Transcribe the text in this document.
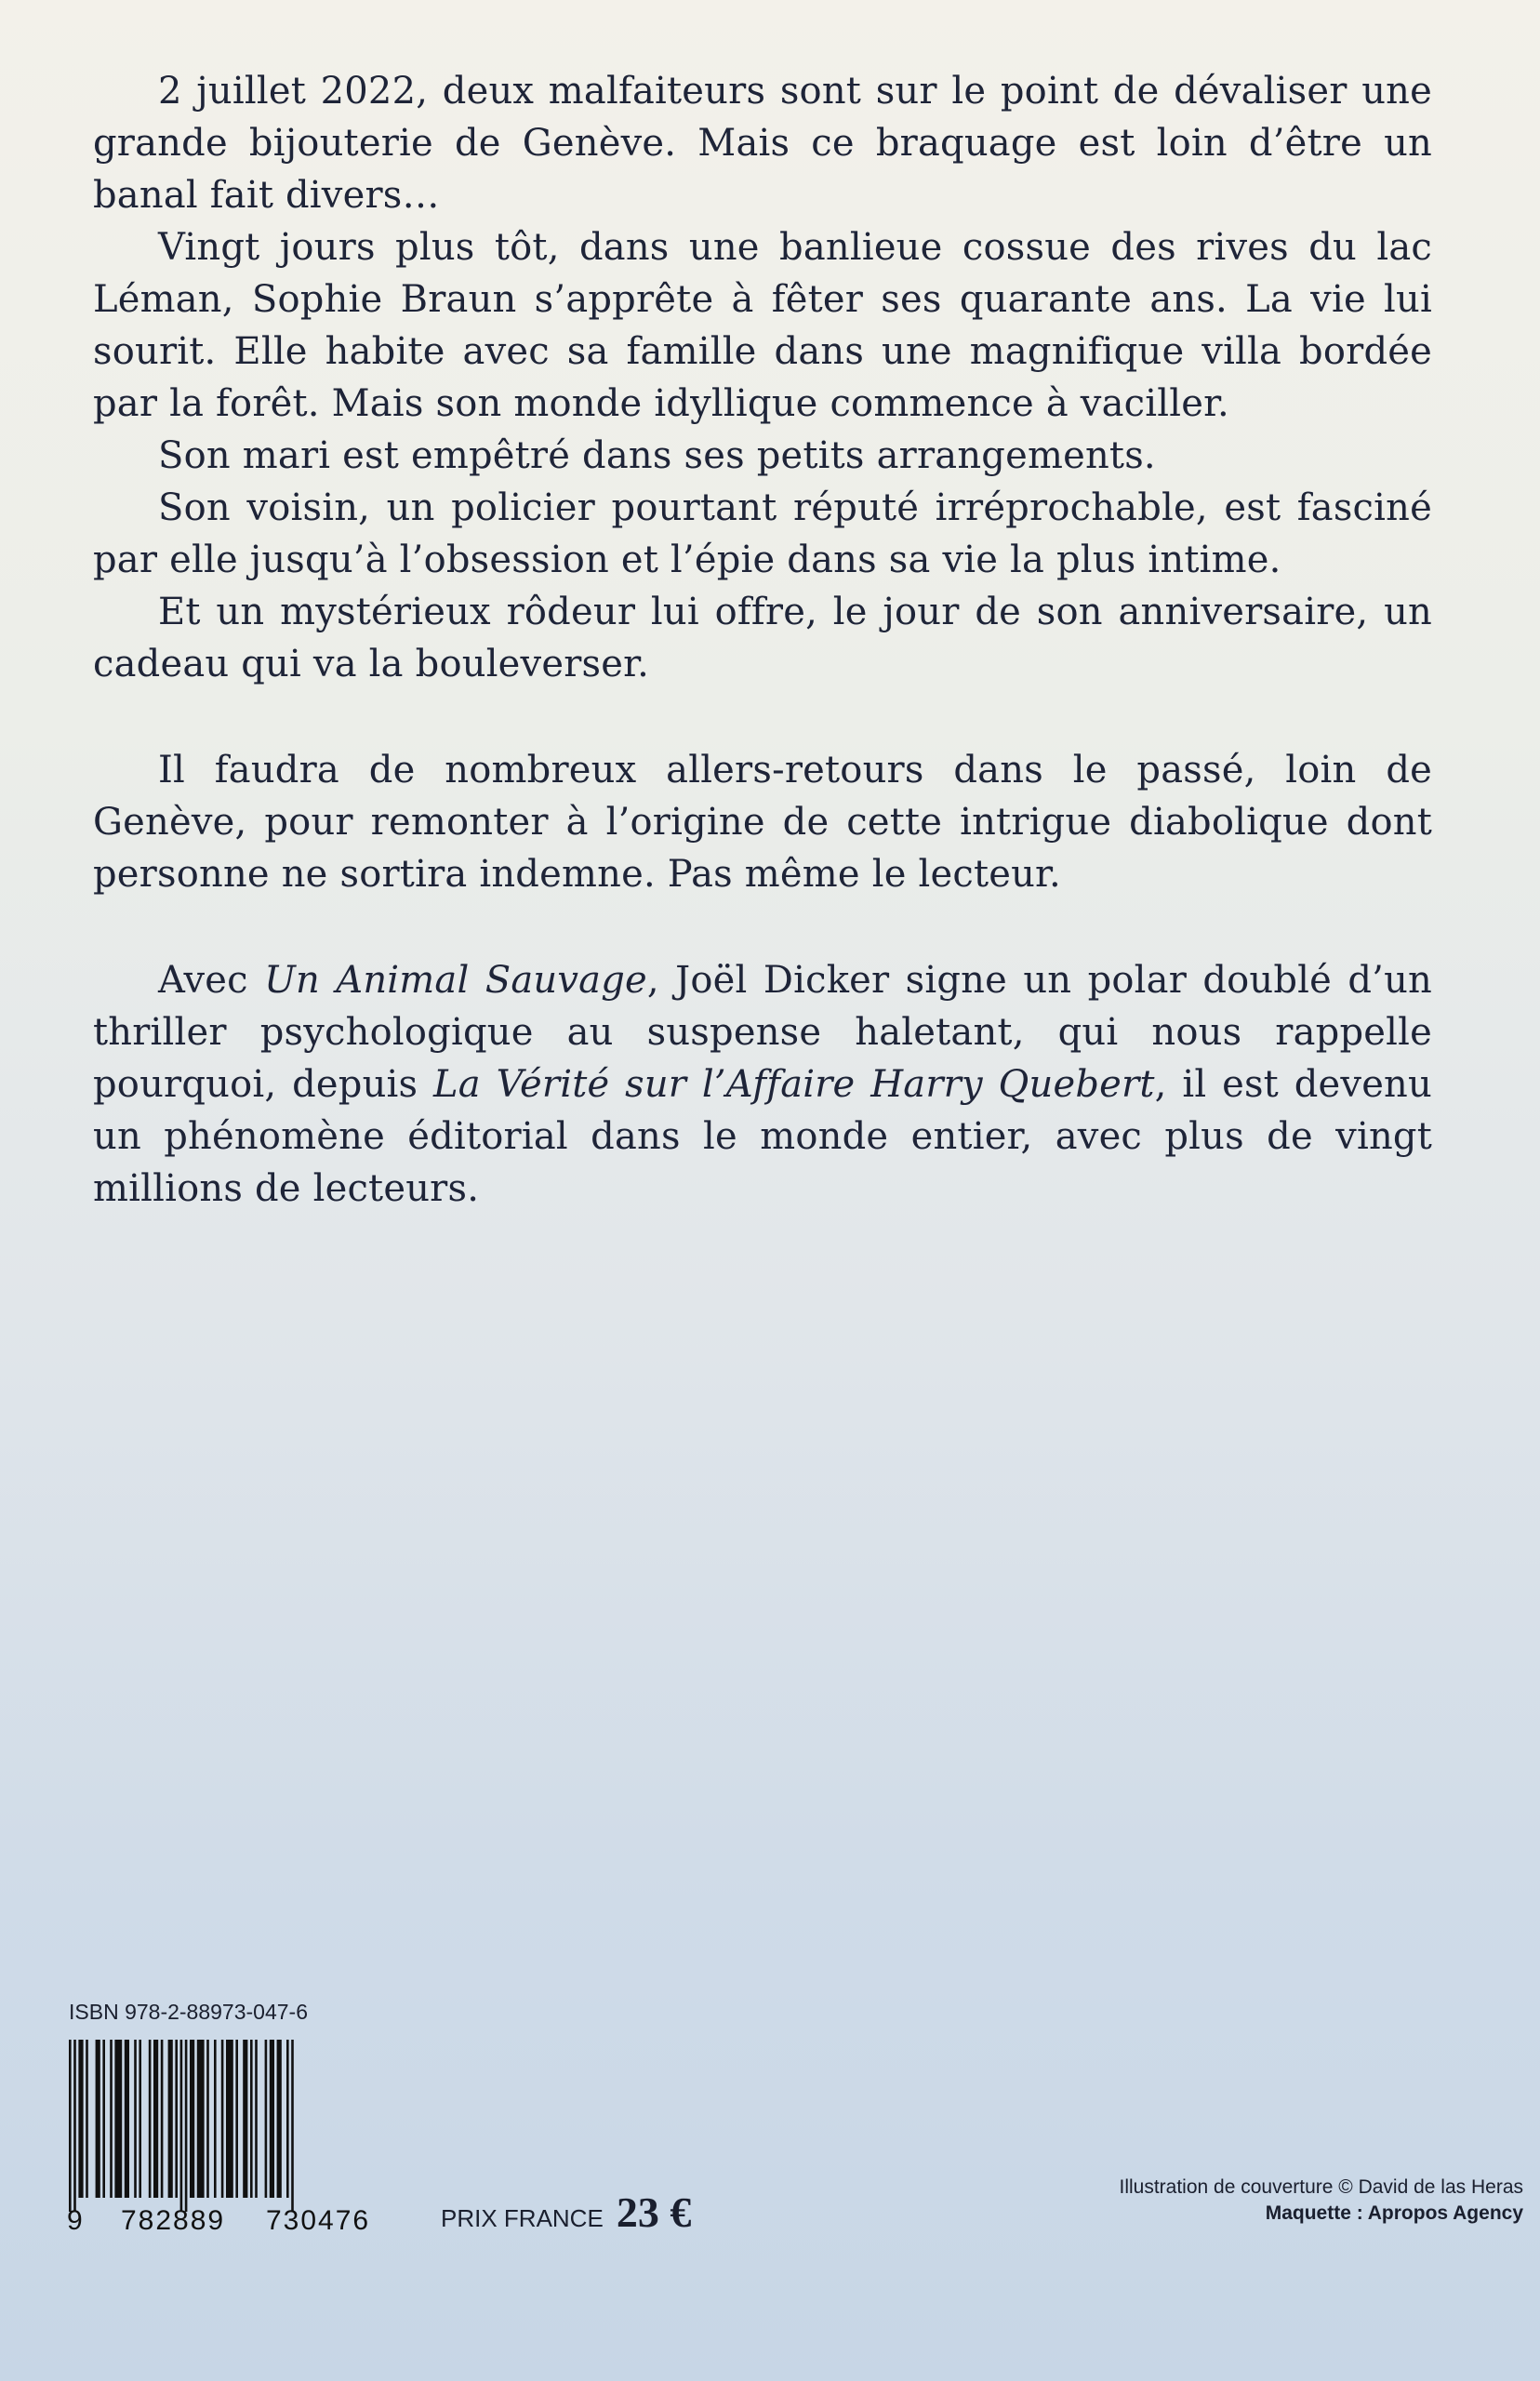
2 juillet 2022, deux malfaiteurs sont sur le point de dévaliser une grande bijouterie de Genève. Mais ce braquage est loin d’être un banal fait divers…

Vingt jours plus tôt, dans une banlieue cossue des rives du lac Léman, Sophie Braun s’apprête à fêter ses quarante ans. La vie lui sourit. Elle habite avec sa famille dans une magnifique villa bordée par la forêt. Mais son monde idyllique commence à vaciller.

Son mari est empêtré dans ses petits arrangements.

Son voisin, un policier pourtant réputé irréprochable, est fasciné par elle jusqu’à l’obsession et l’épie dans sa vie la plus intime.

Et un mystérieux rôdeur lui offre, le jour de son anniversaire, un cadeau qui va la bouleverser.

Il faudra de nombreux allers-retours dans le passé, loin de Genève, pour remonter à l’origine de cette intrigue diabolique dont personne ne sortira indemne. Pas même le lecteur.

Avec Un Animal Sauvage, Joël Dicker signe un polar doublé d’un thriller psychologique au suspense haletant, qui nous rappelle pourquoi, depuis La Vérité sur l’Affaire Harry Quebert, il est devenu un phénomène éditorial dans le monde entier, avec plus de vingt millions de lecteurs.

ISBN 978-2-88973-047-6
9 782889 730476	PRIX FRANCE 23 €
Illustration de couverture © David de las Heras
Maquette : Apropos Agency
